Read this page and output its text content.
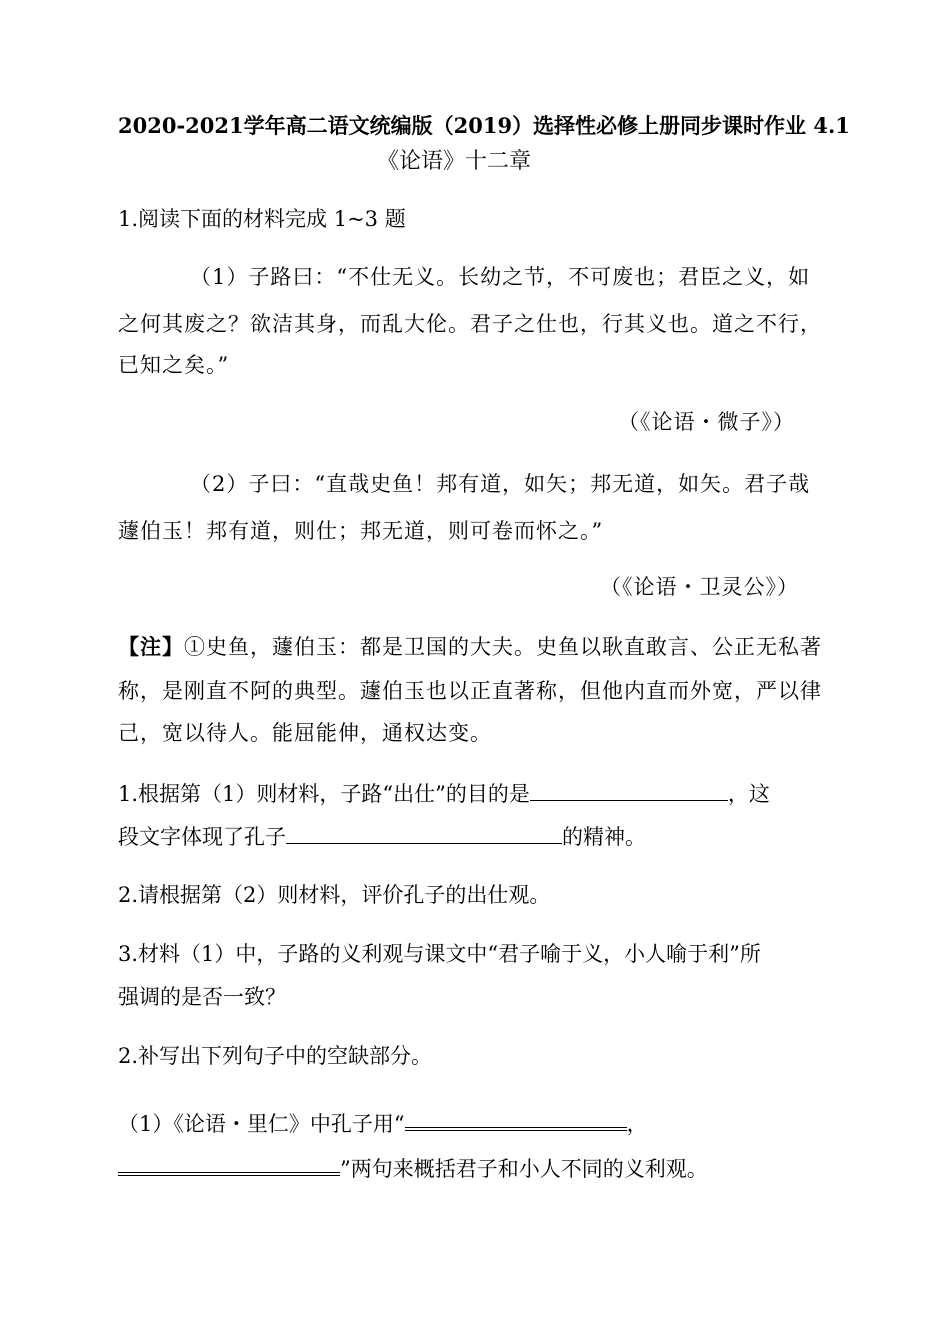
2020-2021学年高二语文统编版（2019）选择性必修上册同步课时作业 4.1
《论语》十二章
1.阅读下面的材料完成 1~3 题
（1）子路曰：“不仕无义。长幼之节，不可废也；君臣之义，如
之何其废之？欲洁其身，而乱大伦。君子之仕也，行其义也。道之不行，
已知之矣。”
（《论语・微子》）
（2）子曰：“直哉史鱼！邦有道，如矢；邦无道，如矢。君子哉
蘧伯玉！邦有道，则仕；邦无道，则可卷而怀之。”
（《论语・卫灵公》）
【注】①史鱼，蘧伯玉：都是卫国的大夫。史鱼以耿直敢言、公正无私著
称，是刚直不阿的典型。蘧伯玉也以正直著称，但他内直而外宽，严以律
己，宽以待人。能屈能伸，通权达变。
1.根据第（1）则材料，子路“出仕”的目的是	，这
段文字体现了孔子	的精神。
2.请根据第（2）则材料，评价孔子的出仕观。
3.材料（1）中，子路的义利观与课文中“君子喻于义，小人喻于利”所
强调的是否一致？
2.补写出下列句子中的空缺部分。
（1）《论语・里仁》中孔子用“	，
”两句来概括君子和小人不同的义利观。
